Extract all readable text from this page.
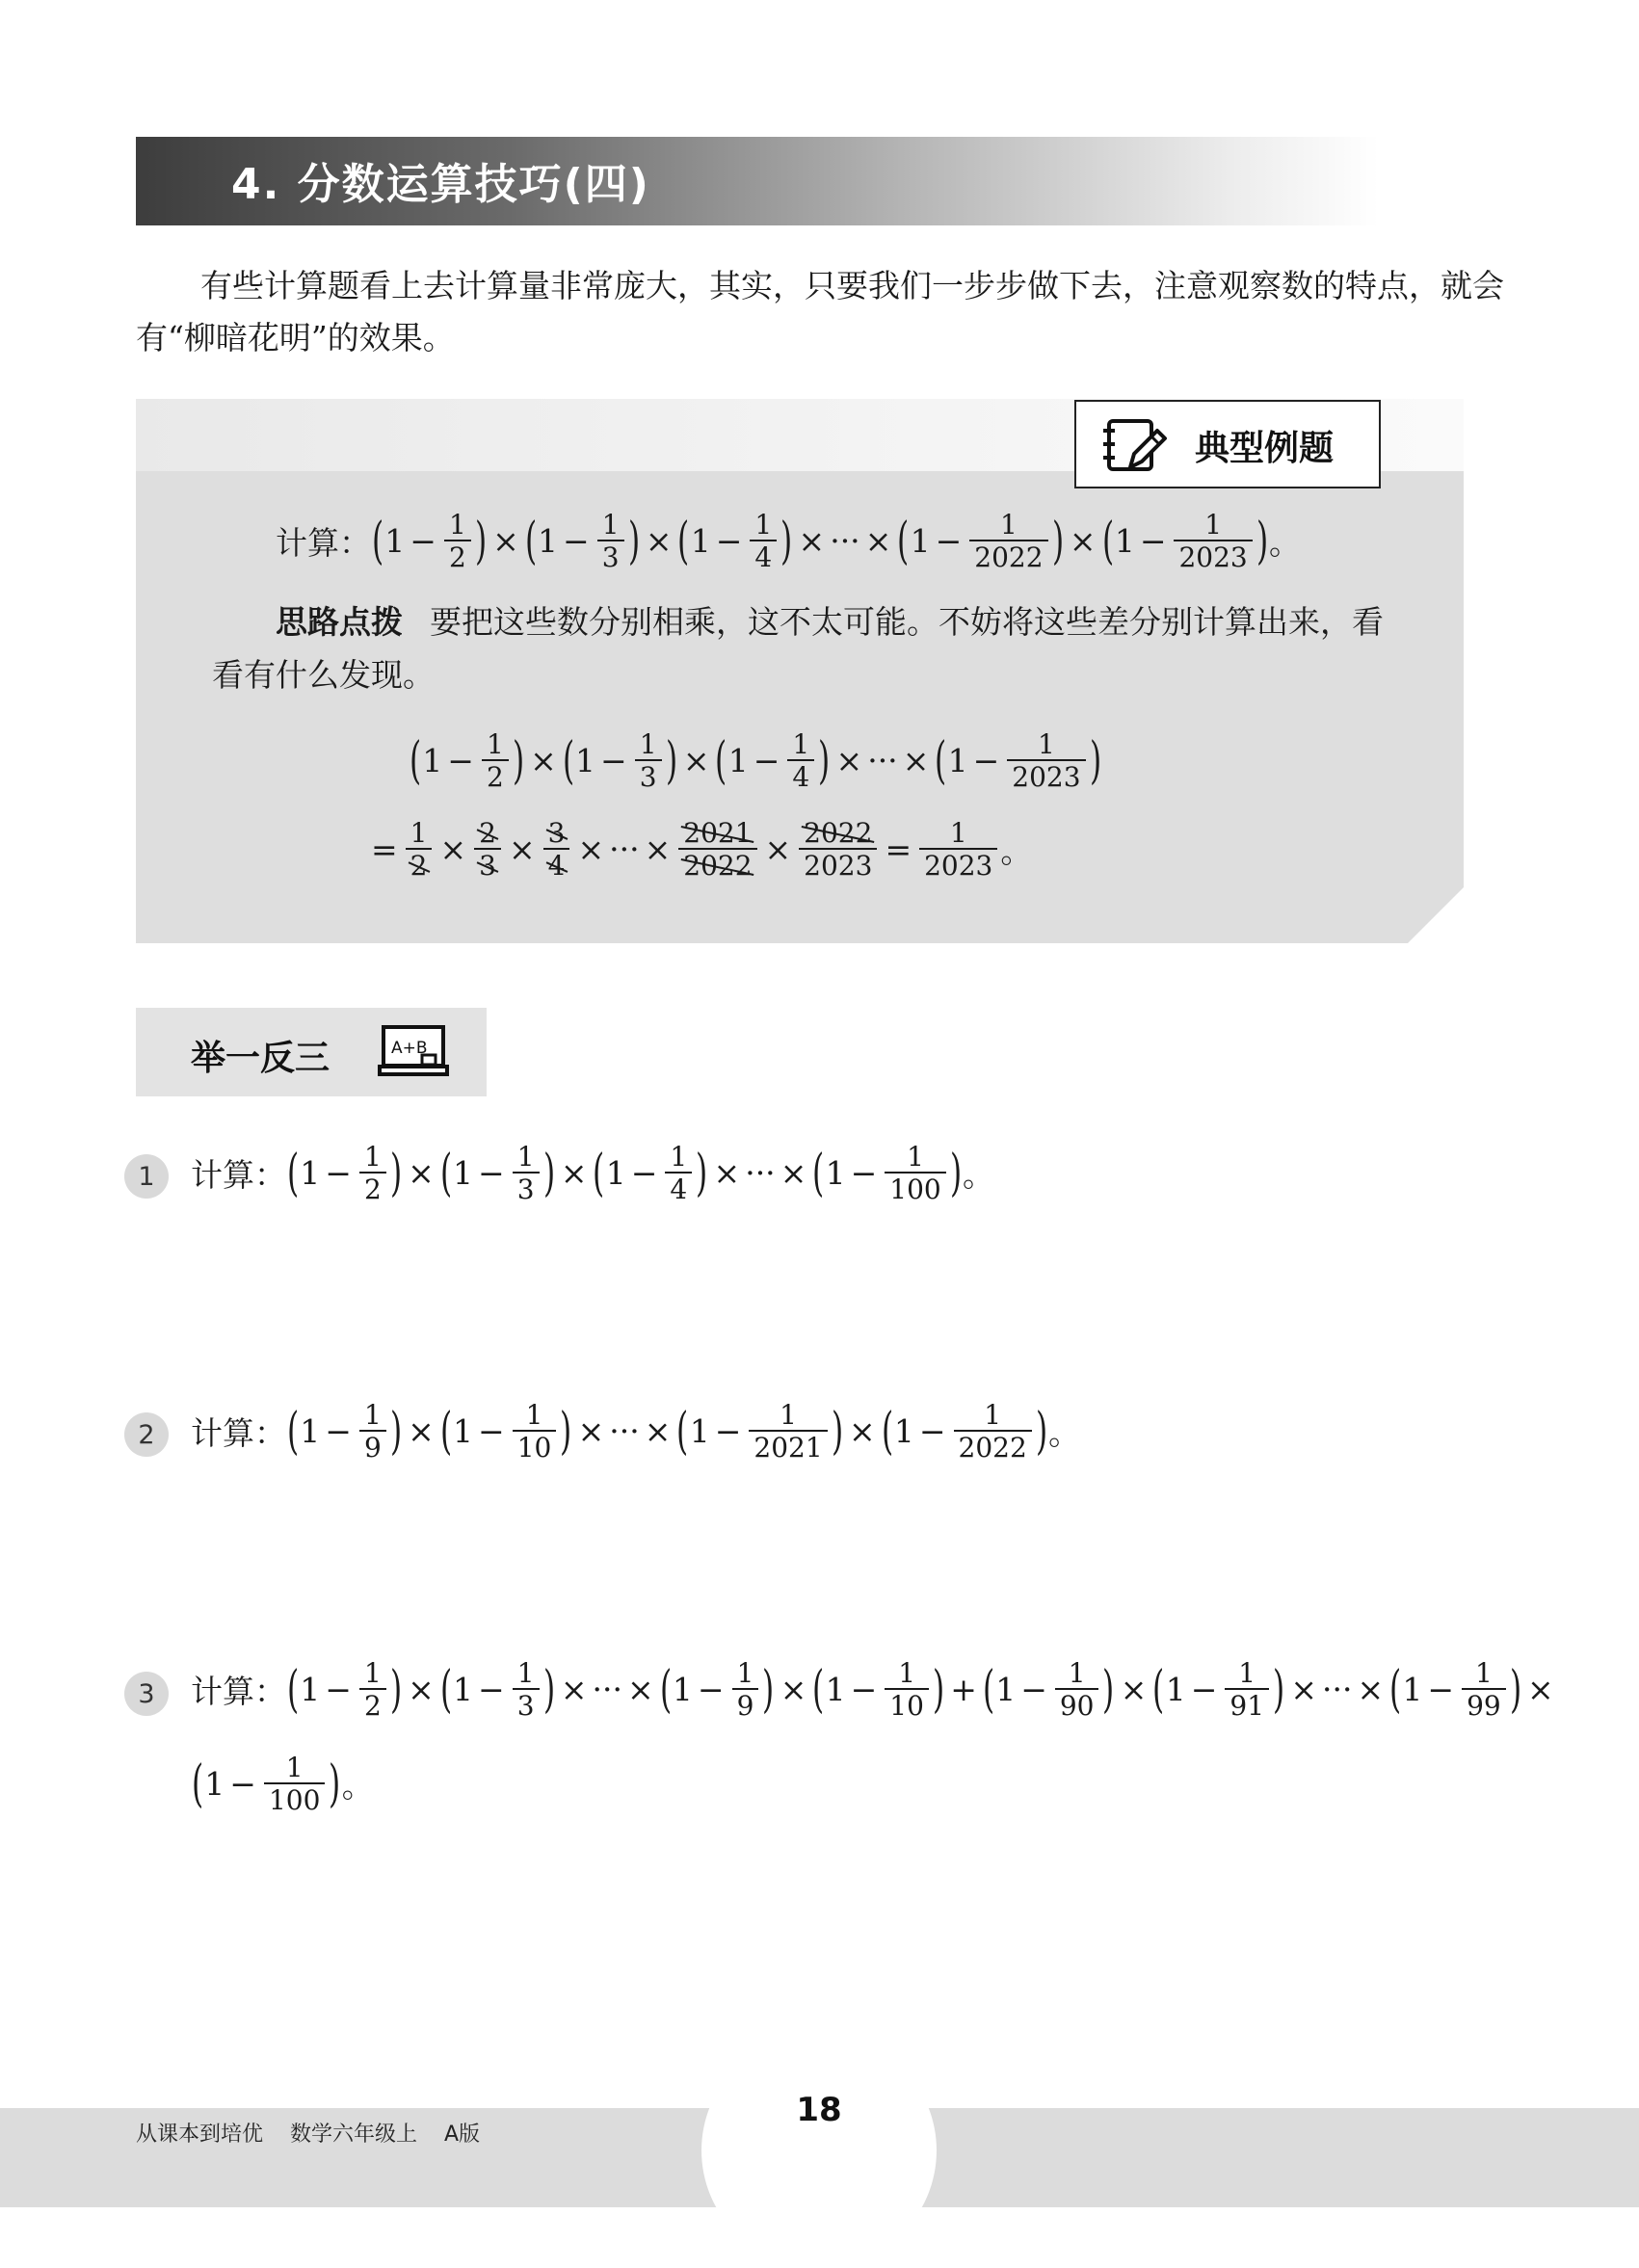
4. 分数运算技巧(四)
有些计算题看上去计算量非常庞大，其实，只要我们一步步做下去，注意观察数的特点，就会
有“柳暗花明”的效果。
典型例题
计算： ( $1 - \frac{1}{2}$ ) × ( $1 - \frac{1}{3}$ ) × ( $1 - \frac{1}{4}$ ) × ··· × ( $1 - \frac{1}{2022}$ ) × ( $1 - \frac{1}{2023}$ ) 。
思路点拨 要把这些数分别相乘，这不太可能。不妨将这些差分别计算出来，看
看有什么发现。
( $1 - \frac{1}{2}$ ) × ( $1 - \frac{1}{3}$ ) × ( $1 - \frac{1}{4}$ ) × ··· × ( $1 - \frac{1}{2023}$ )
= $\frac{1}{2} \times \frac{2}{3} \times \frac{3}{4}$ × ··· × $\frac{2021}{2022} \times \frac{2022}{2023} = \frac{1}{2023}$ 。
举一反三	A+B
1	计算： ( $1 - \frac{1}{2}$ ) × ( $1 - \frac{1}{3}$ ) × ( $1 - \frac{1}{4}$ ) × ··· × ( $1 - \frac{1}{100}$ ) 。
2	计算： ( $1 - \frac{1}{9}$ ) × ( $1 - \frac{1}{10}$ ) × ··· × ( $1 - \frac{1}{2021}$ ) × ( $1 - \frac{1}{2022}$ ) 。
3	计算： ( $1 - \frac{1}{2}$ ) × ( $1 - \frac{1}{3}$ ) × ··· × ( $1 - \frac{1}{9}$ ) × ( $1 - \frac{1}{10}$ ) + ( $1 - \frac{1}{90}$ ) × ( $1 - \frac{1}{91}$ ) × ··· × ( $1 - \frac{1}{99}$ ) ×
( $1 - \frac{1}{100}$ ) 。
从课本到培优    数学六年级上    A版
18
